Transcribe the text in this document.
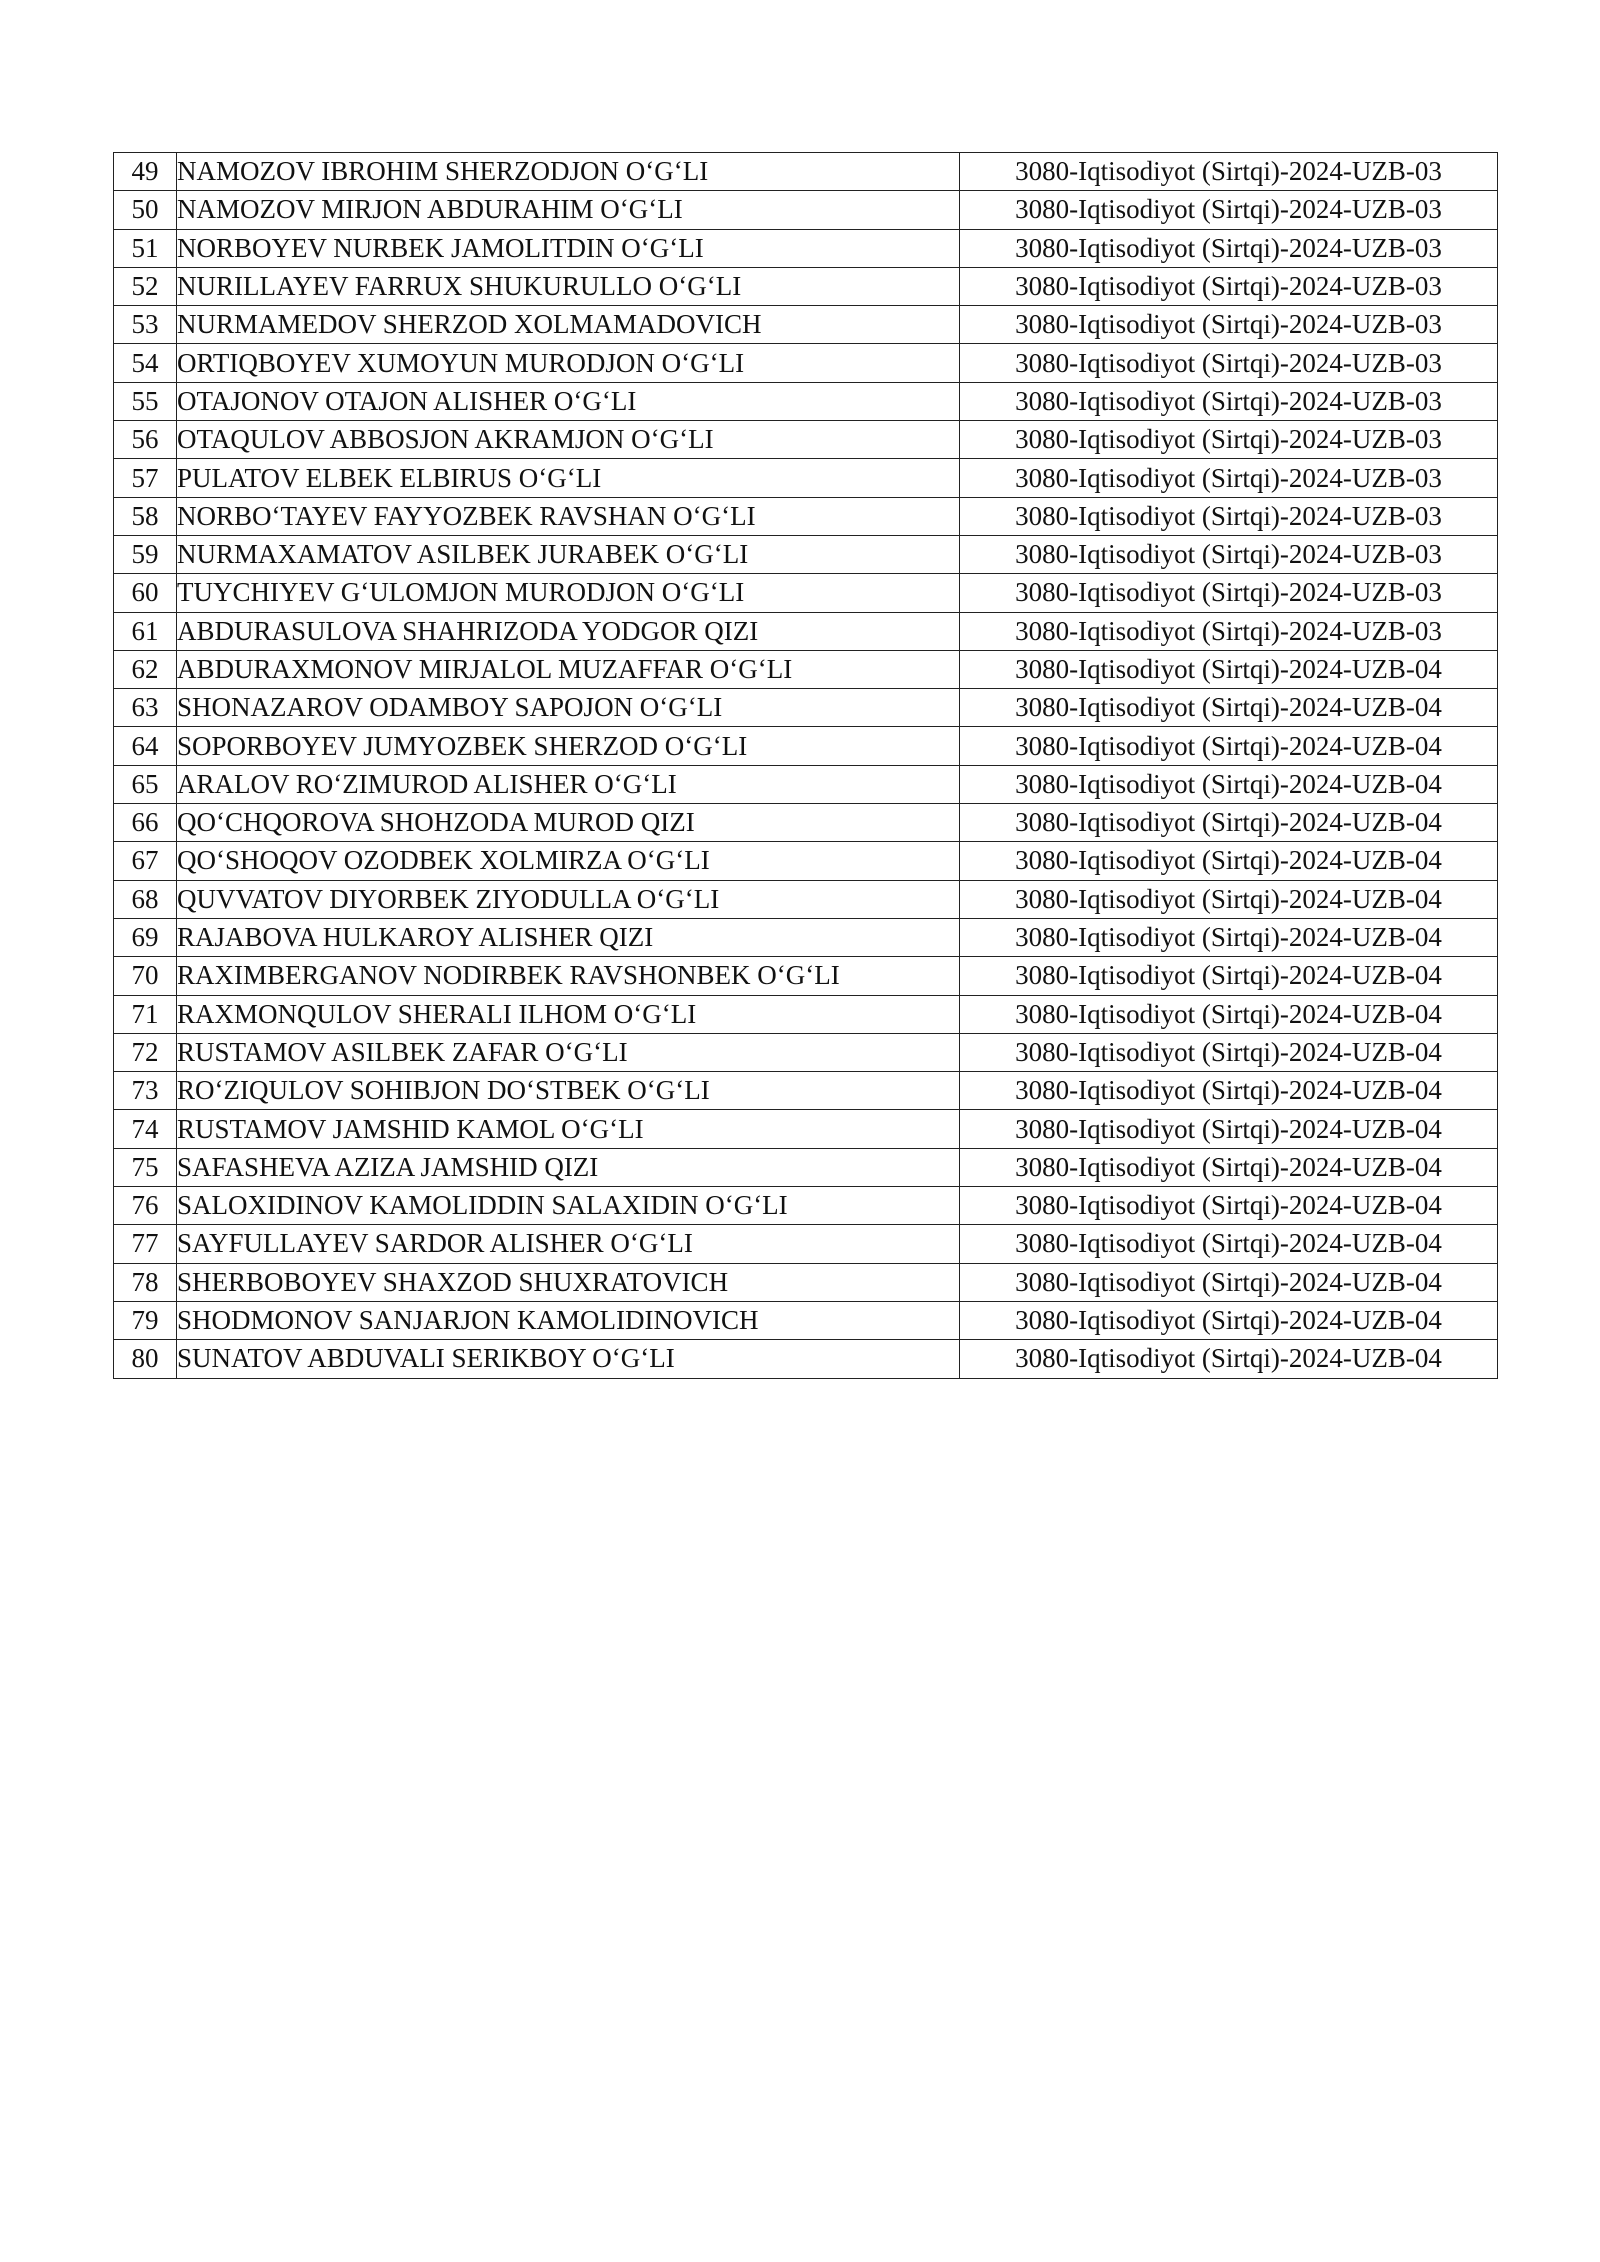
49	NAMOZOV IBROHIM SHERZODJON O‘G‘LI	3080-Iqtisodiyot (Sirtqi)-2024-UZB-03
50	NAMOZOV MIRJON ABDURAHIM O‘G‘LI	3080-Iqtisodiyot (Sirtqi)-2024-UZB-03
51	NORBOYEV NURBEK JAMOLITDIN O‘G‘LI	3080-Iqtisodiyot (Sirtqi)-2024-UZB-03
52	NURILLAYEV FARRUX SHUKURULLO O‘G‘LI	3080-Iqtisodiyot (Sirtqi)-2024-UZB-03
53	NURMAMEDOV SHERZOD XOLMAMADOVICH	3080-Iqtisodiyot (Sirtqi)-2024-UZB-03
54	ORTIQBOYEV XUMOYUN MURODJON O‘G‘LI	3080-Iqtisodiyot (Sirtqi)-2024-UZB-03
55	OTAJONOV OTAJON ALISHER O‘G‘LI	3080-Iqtisodiyot (Sirtqi)-2024-UZB-03
56	OTAQULOV ABBOSJON AKRAMJON O‘G‘LI	3080-Iqtisodiyot (Sirtqi)-2024-UZB-03
57	PULATOV ELBEK ELBIRUS O‘G‘LI	3080-Iqtisodiyot (Sirtqi)-2024-UZB-03
58	NORBO‘TAYEV FAYYOZBEK RAVSHAN O‘G‘LI	3080-Iqtisodiyot (Sirtqi)-2024-UZB-03
59	NURMAXAMATOV ASILBEK JURABEK O‘G‘LI	3080-Iqtisodiyot (Sirtqi)-2024-UZB-03
60	TUYCHIYEV G‘ULOMJON MURODJON O‘G‘LI	3080-Iqtisodiyot (Sirtqi)-2024-UZB-03
61	ABDURASULOVA SHAHRIZODA YODGOR QIZI	3080-Iqtisodiyot (Sirtqi)-2024-UZB-03
62	ABDURAXMONOV MIRJALOL MUZAFFAR O‘G‘LI	3080-Iqtisodiyot (Sirtqi)-2024-UZB-04
63	SHONAZAROV ODAMBOY SAPOJON O‘G‘LI	3080-Iqtisodiyot (Sirtqi)-2024-UZB-04
64	SOPORBOYEV JUMYOZBEK SHERZOD O‘G‘LI	3080-Iqtisodiyot (Sirtqi)-2024-UZB-04
65	ARALOV RO‘ZIMUROD ALISHER O‘G‘LI	3080-Iqtisodiyot (Sirtqi)-2024-UZB-04
66	QO‘CHQOROVA SHOHZODA MUROD QIZI	3080-Iqtisodiyot (Sirtqi)-2024-UZB-04
67	QO‘SHOQOV OZODBEK XOLMIRZA O‘G‘LI	3080-Iqtisodiyot (Sirtqi)-2024-UZB-04
68	QUVVATOV DIYORBEK ZIYODULLA O‘G‘LI	3080-Iqtisodiyot (Sirtqi)-2024-UZB-04
69	RAJABOVA HULKAROY ALISHER QIZI	3080-Iqtisodiyot (Sirtqi)-2024-UZB-04
70	RAXIMBERGANOV NODIRBEK RAVSHONBEK O‘G‘LI	3080-Iqtisodiyot (Sirtqi)-2024-UZB-04
71	RAXMONQULOV SHERALI ILHOM O‘G‘LI	3080-Iqtisodiyot (Sirtqi)-2024-UZB-04
72	RUSTAMOV ASILBEK ZAFAR O‘G‘LI	3080-Iqtisodiyot (Sirtqi)-2024-UZB-04
73	RO‘ZIQULOV SOHIBJON DO‘STBEK O‘G‘LI	3080-Iqtisodiyot (Sirtqi)-2024-UZB-04
74	RUSTAMOV JAMSHID KAMOL O‘G‘LI	3080-Iqtisodiyot (Sirtqi)-2024-UZB-04
75	SAFASHEVA AZIZA JAMSHID QIZI	3080-Iqtisodiyot (Sirtqi)-2024-UZB-04
76	SALOXIDINOV KAMOLIDDIN SALAXIDIN O‘G‘LI	3080-Iqtisodiyot (Sirtqi)-2024-UZB-04
77	SAYFULLAYEV SARDOR ALISHER O‘G‘LI	3080-Iqtisodiyot (Sirtqi)-2024-UZB-04
78	SHERBOBOYEV SHAXZOD SHUXRATOVICH	3080-Iqtisodiyot (Sirtqi)-2024-UZB-04
79	SHODMONOV SANJARJON KAMOLIDINOVICH	3080-Iqtisodiyot (Sirtqi)-2024-UZB-04
80	SUNATOV ABDUVALI SERIKBOY O‘G‘LI	3080-Iqtisodiyot (Sirtqi)-2024-UZB-04
